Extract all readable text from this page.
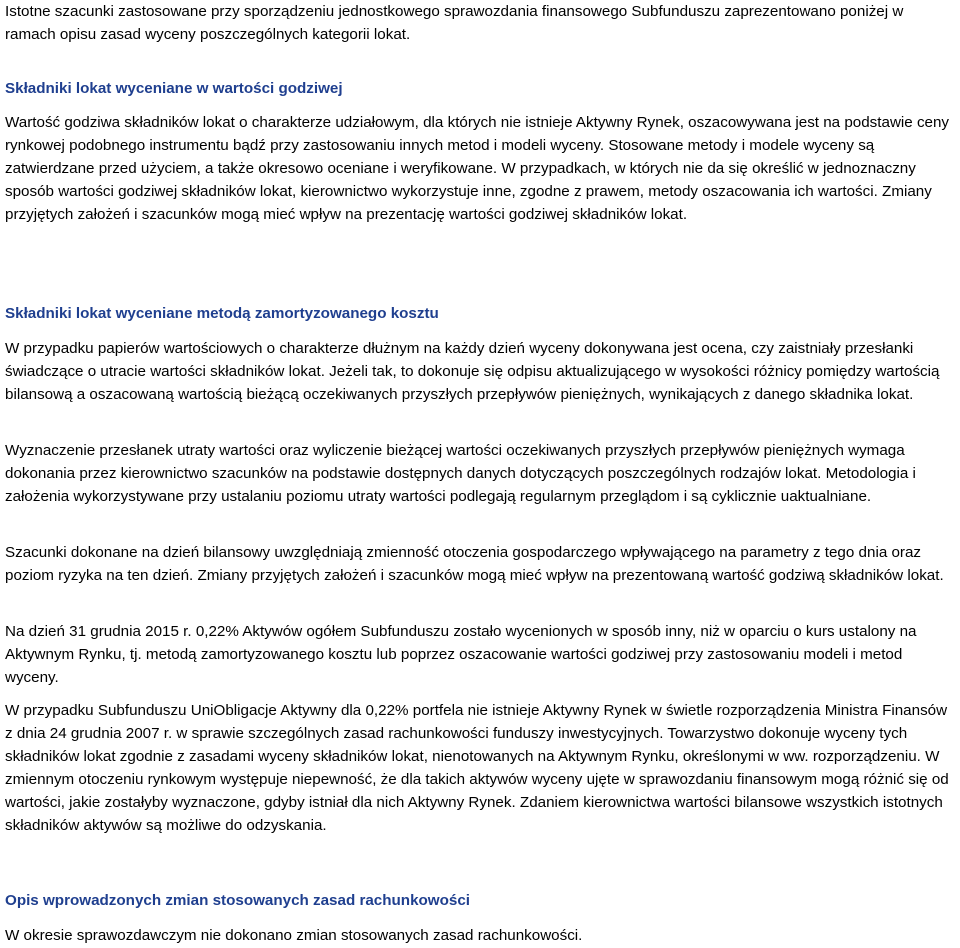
Istotne szacunki zastosowane przy sporządzeniu jednostkowego sprawozdania finansowego Subfunduszu zaprezentowano poniżej w ramach opisu zasad wyceny poszczególnych kategorii lokat.

Składniki lokat wyceniane w wartości godziwej

Wartość godziwa składników lokat o charakterze udziałowym, dla których nie istnieje Aktywny Rynek, oszacowywana jest na podstawie ceny rynkowej podobnego instrumentu bądź przy zastosowaniu innych metod i modeli wyceny. Stosowane metody i modele wyceny są zatwierdzane przed użyciem, a także okresowo oceniane i weryfikowane. W przypadkach, w których nie da się określić w jednoznaczny sposób wartości godziwej składników lokat, kierownictwo wykorzystuje inne, zgodne z prawem, metody oszacowania ich wartości. Zmiany przyjętych założeń i szacunków mogą mieć wpływ na prezentację wartości godziwej składników lokat.

Składniki lokat wyceniane metodą zamortyzowanego kosztu

W przypadku papierów wartościowych o charakterze dłużnym na każdy dzień wyceny dokonywana jest ocena, czy zaistniały przesłanki świadczące o utracie wartości składników lokat. Jeżeli tak, to dokonuje się odpisu aktualizującego w wysokości różnicy pomiędzy wartością bilansową a oszacowaną wartością bieżącą oczekiwanych przyszłych przepływów pieniężnych, wynikających z danego składnika lokat.

Wyznaczenie przesłanek utraty wartości oraz wyliczenie bieżącej wartości oczekiwanych przyszłych przepływów pieniężnych wymaga dokonania przez kierownictwo szacunków na podstawie dostępnych danych dotyczących poszczególnych rodzajów lokat. Metodologia i założenia wykorzystywane przy ustalaniu poziomu utraty wartości podlegają regularnym przeglądom i są cyklicznie uaktualniane.

Szacunki dokonane na dzień bilansowy uwzględniają zmienność otoczenia gospodarczego wpływającego na parametry z tego dnia oraz poziom ryzyka na ten dzień. Zmiany przyjętych założeń i szacunków mogą mieć wpływ na prezentowaną wartość godziwą składników lokat.

Na dzień 31 grudnia 2015 r. 0,22% Aktywów ogółem Subfunduszu zostało wycenionych w sposób inny, niż w oparciu o kurs ustalony na Aktywnym Rynku, tj. metodą zamortyzowanego kosztu lub poprzez oszacowanie wartości godziwej przy zastosowaniu modeli i metod wyceny.

W przypadku Subfunduszu UniObligacje Aktywny dla 0,22% portfela nie istnieje Aktywny Rynek w świetle rozporządzenia Ministra Finansów z dnia 24 grudnia 2007 r. w sprawie szczególnych zasad rachunkowości funduszy inwestycyjnych. Towarzystwo dokonuje wyceny tych składników lokat zgodnie z zasadami wyceny składników lokat, nienotowanych na Aktywnym Rynku, określonymi w ww. rozporządzeniu. W zmiennym otoczeniu rynkowym występuje niepewność, że dla takich aktywów wyceny ujęte w sprawozdaniu finansowym mogą różnić się od wartości, jakie zostałyby wyznaczone, gdyby istniał dla nich Aktywny Rynek. Zdaniem kierownictwa wartości bilansowe wszystkich istotnych składników aktywów są możliwe do odzyskania.

Opis wprowadzonych zmian stosowanych zasad rachunkowości

W okresie sprawozdawczym nie dokonano zmian stosowanych zasad rachunkowości.
